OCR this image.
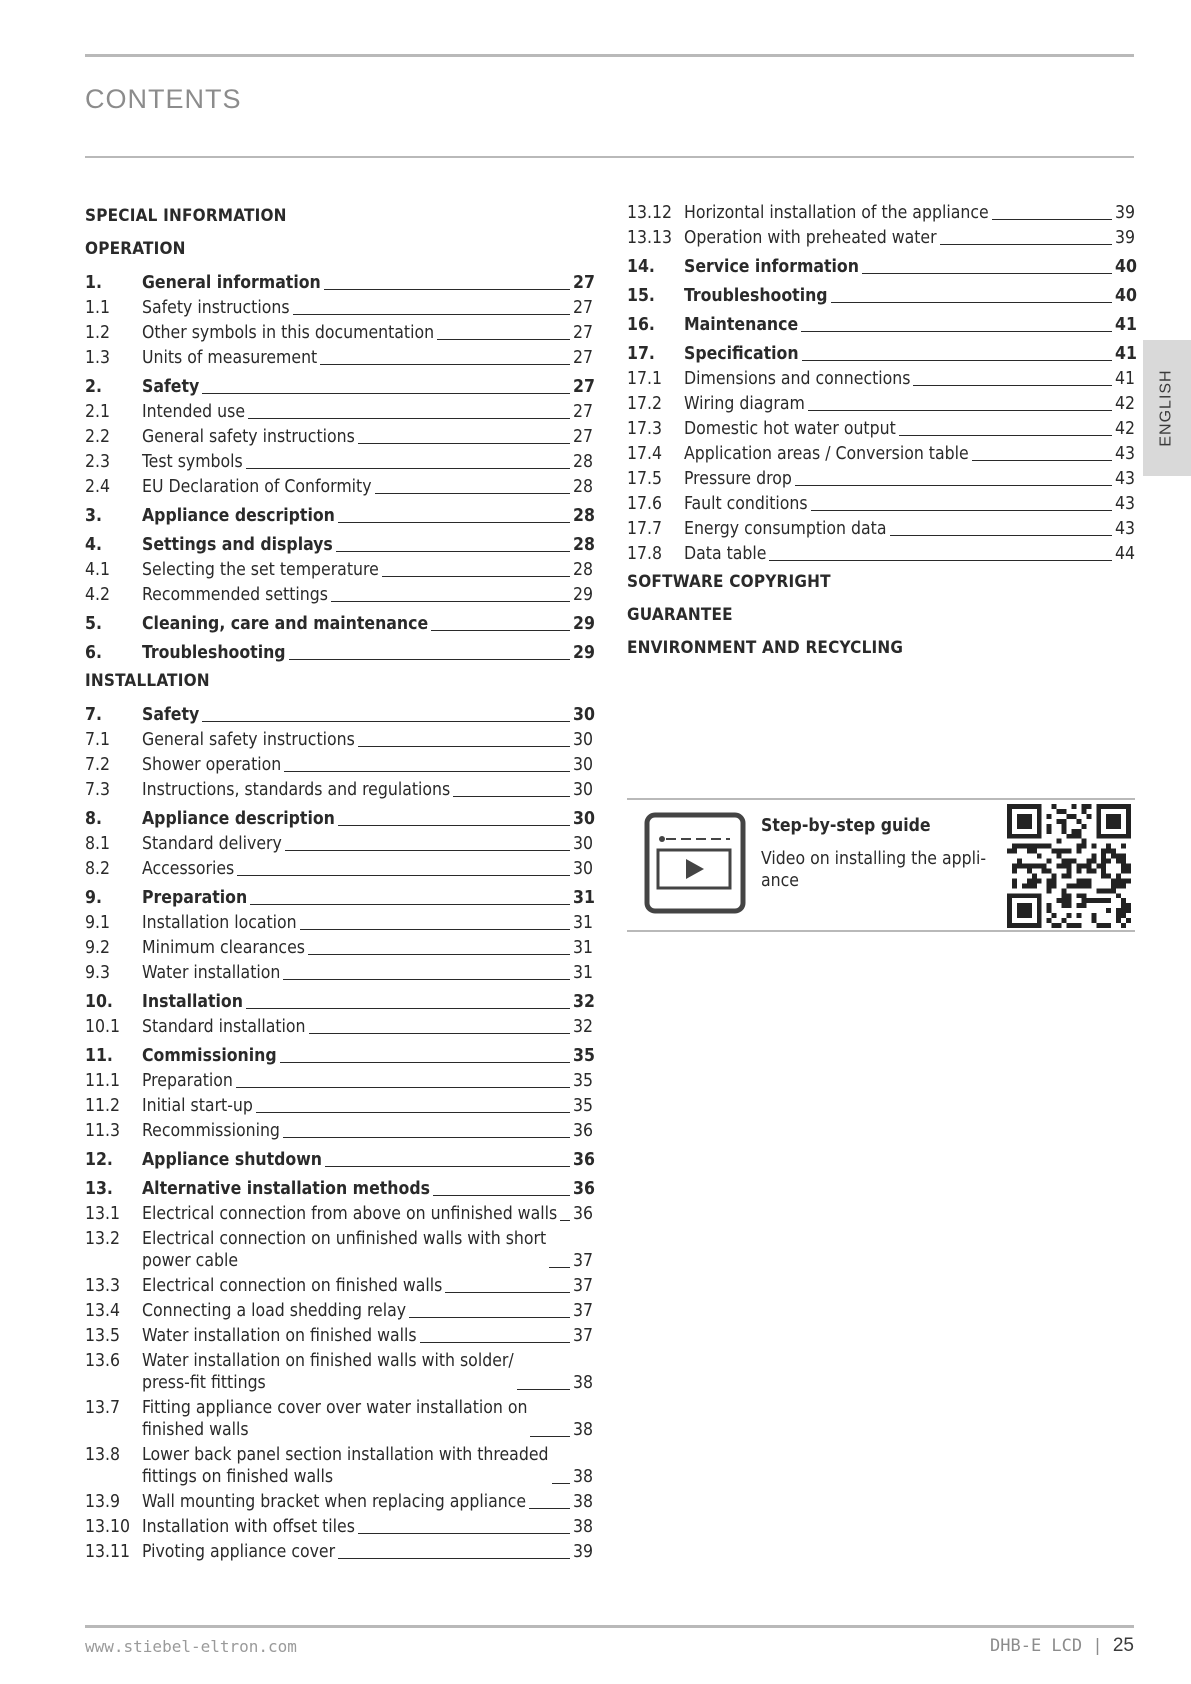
CONTENTS
SPECIAL INFORMATION
OPERATION
1.	General information	27
1.1	Safety instructions	27
1.2	Other symbols in this documentation	27
1.3	Units of measurement	27
2.	Safety	27
2.1	Intended use	27
2.2	General safety instructions	27
2.3	Test symbols	28
2.4	EU Declaration of Conformity	28
3.	Appliance description	28
4.	Settings and displays	28
4.1	Selecting the set temperature	28
4.2	Recommended settings	29
5.	Cleaning, care and maintenance	29
6.	Troubleshooting	29
INSTALLATION
7.	Safety	30
7.1	General safety instructions	30
7.2	Shower operation	30
7.3	Instructions, standards and regulations	30
8.	Appliance description	30
8.1	Standard delivery	30
8.2	Accessories	30
9.	Preparation	31
9.1	Installation location	31
9.2	Minimum clearances	31
9.3	Water installation	31
10.	Installation	32
10.1	Standard installation	32
11.	Commissioning	35
11.1	Preparation	35
11.2	Initial start-up	35
11.3	Recommissioning	36
12.	Appliance shutdown	36
13.	Alternative installation methods	36
13.1	Electrical connection from above on unfinished walls 36
13.2	Electrical connection on unfinished walls with short
power cable	37
13.3	Electrical connection on finished walls	37
13.4	Connecting a load shedding relay	37
13.5	Water installation on finished walls	37
13.6	Water installation on finished walls with solder/
press-fit fittings	38
13.7	Fitting appliance cover over water installation on
finished walls	38
13.8	Lower back panel section installation with threaded
fittings on finished walls	38
13.9	Wall mounting bracket when replacing appliance	38
13.10 Installation with offset tiles	38
13.11 Pivoting appliance cover	39
13.12 Horizontal installation of the appliance	39
13.13 Operation with preheated water	39
14.	Service information	40
15.	Troubleshooting	40
16.	Maintenance	41
17.	Specification	41
17.1	Dimensions and connections	41
17.2	Wiring diagram	42
17.3	Domestic hot water output	42
17.4	Application areas / Conversion table	43
17.5	Pressure drop	43
17.6	Fault conditions	43
17.7	Energy consumption data	43
17.8	Data table	44
SOFTWARE COPYRIGHT
GUARANTEE
ENVIRONMENT AND RECYCLING
Step-by-step guide
Video on installing the appli-ance
ENGLISH
www.stiebel-eltron.com	DHB-E LCD | 25
